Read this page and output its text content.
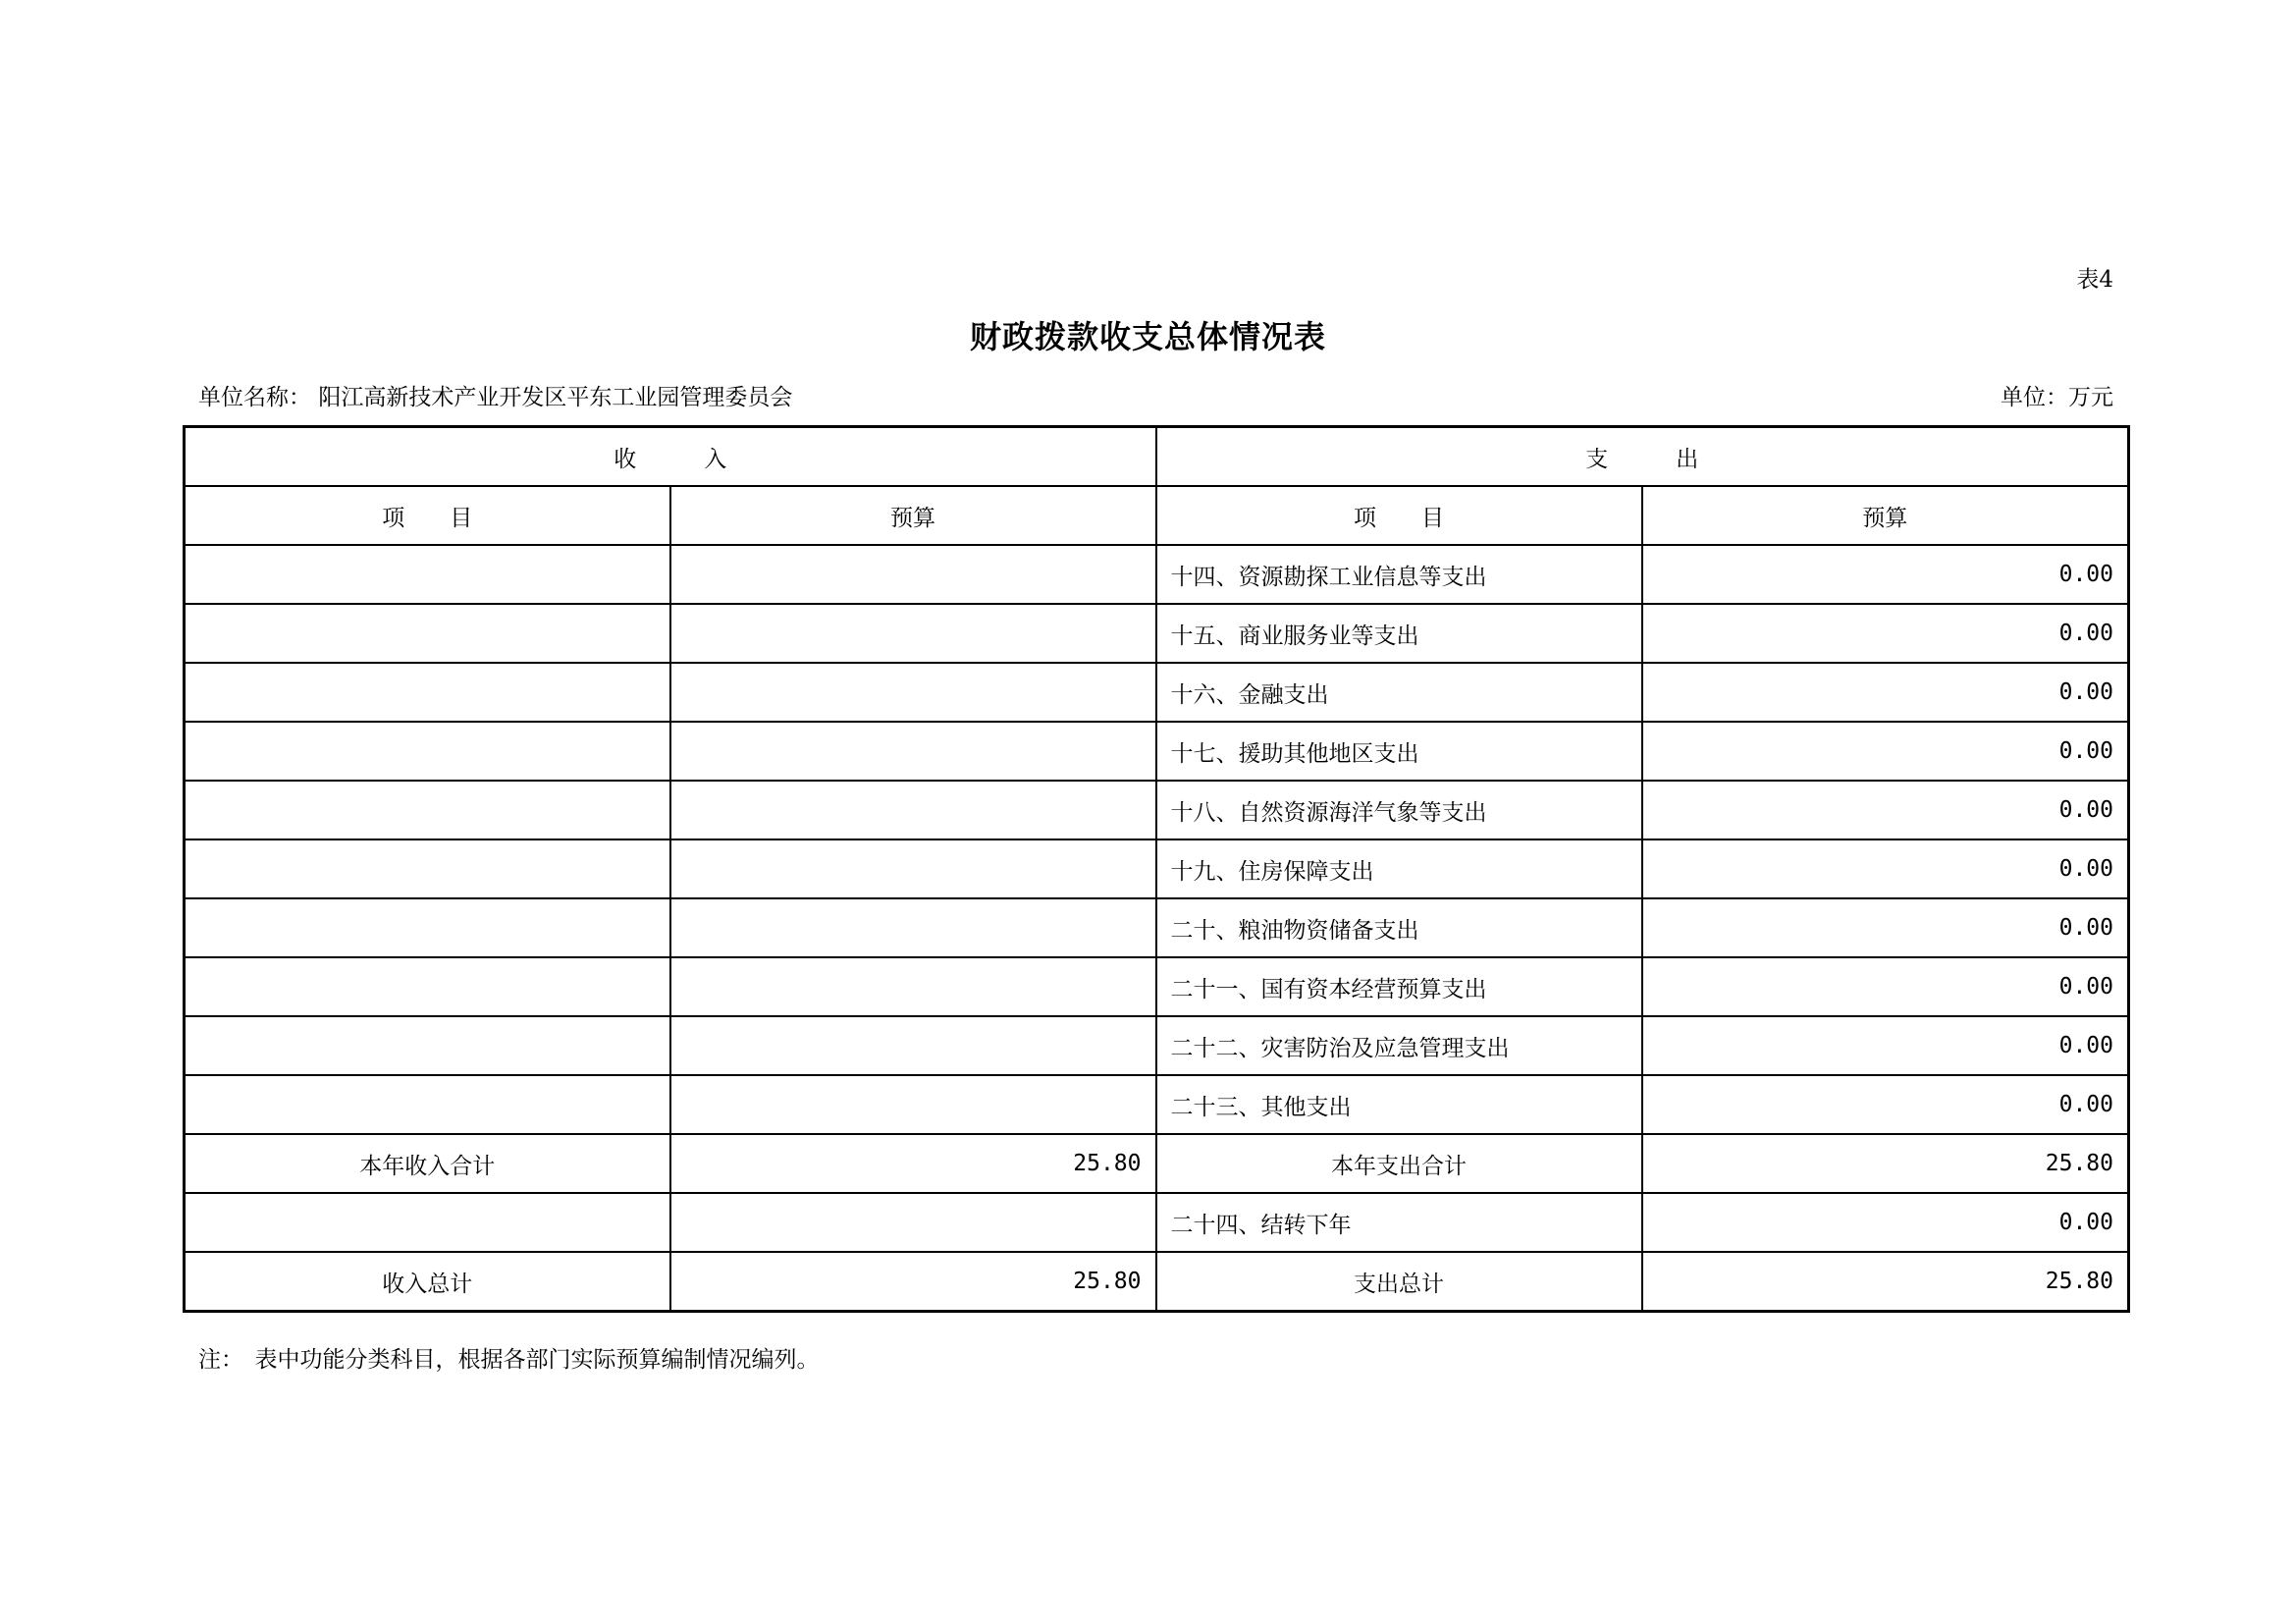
表4
财政拨款收支总体情况表
单位名称： 阳江高新技术产业开发区平东工业园管理委员会	单位：万元
收　　　入		支　　　出	
项　　目	预算	项　　目	预算
		十四、资源勘探工业信息等支出	0.00
		十五、商业服务业等支出	0.00
		十六、金融支出	0.00
		十七、援助其他地区支出	0.00
		十八、自然资源海洋气象等支出	0.00
		十九、住房保障支出	0.00
		二十、粮油物资储备支出	0.00
		二十一、国有资本经营预算支出	0.00
		二十二、灾害防治及应急管理支出	0.00
		二十三、其他支出	0.00
本年收入合计	25.80	本年支出合计	25.80
		二十四、结转下年	0.00
收入总计	25.80	支出总计	25.80
注：　表中功能分类科目，根据各部门实际预算编制情况编列。
